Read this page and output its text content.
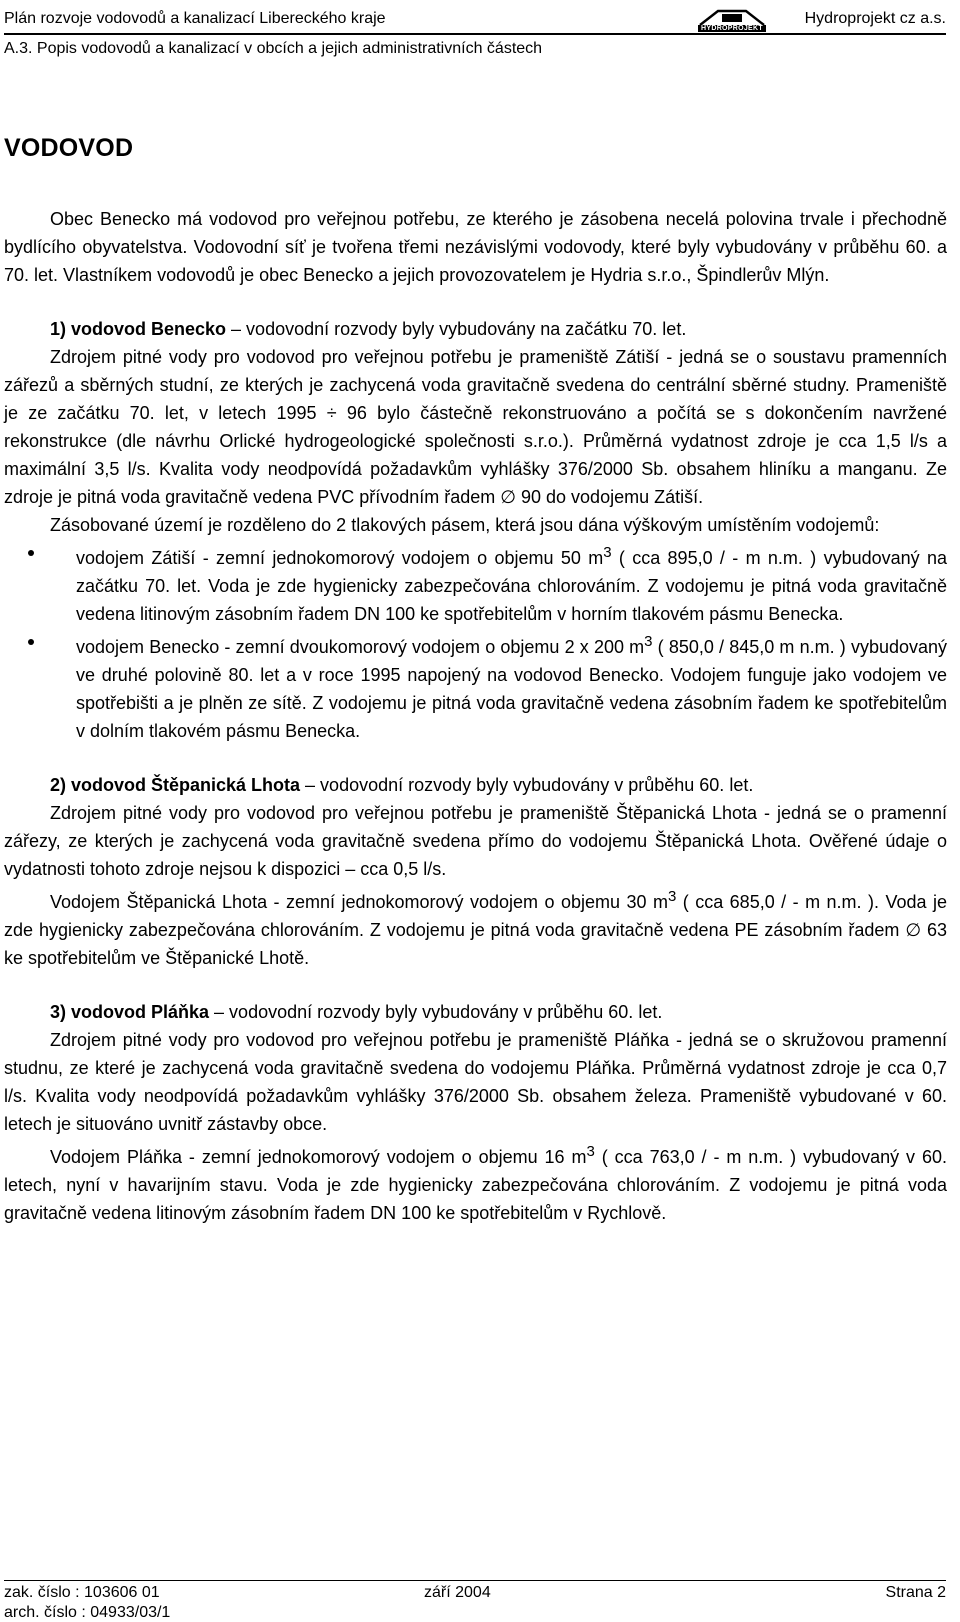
Plán rozvoje vodovodů a kanalizací Libereckého kraje
HYDROPROJEKT
Hydroprojekt cz a.s.
A.3. Popis vodovodů a kanalizací v obcích a jejich administrativních částech
VODOVOD

Obec Benecko má vodovod pro veřejnou potřebu, ze kterého je zásobena necelá polovina trvale i přechodně bydlícího obyvatelstva. Vodovodní síť je tvořena třemi nezávislými vodovody, které byly vybudovány v průběhu 60. a 70. let. Vlastníkem vodovodů je obec Benecko a jejich provozovatelem je Hydria s.r.o., Špindlerův Mlýn.

1) vodovod Benecko – vodovodní rozvody byly vybudovány na začátku 70. let.

Zdrojem pitné vody pro vodovod pro veřejnou potřebu je prameniště Zátiší - jedná se o soustavu pramenních zářezů a sběrných studní, ze kterých je zachycená voda gravitačně svedena do centrální sběrné studny. Prameniště je ze začátku 70. let, v letech 1995 ÷ 96 bylo částečně rekonstruováno a počítá se s dokončením navržené rekonstrukce (dle návrhu Orlické hydrogeologické společnosti s.r.o.). Průměrná vydatnost zdroje je cca 1,5 l/s a maximální 3,5 l/s. Kvalita vody neodpovídá požadavkům vyhlášky 376/2000 Sb. obsahem hliníku a manganu. Ze zdroje je pitná voda gravitačně vedena PVC přívodním řadem ∅ 90 do vodojemu Zátiší.

Zásobované území je rozděleno do 2 tlakových pásem, která jsou dána výškovým umístěním vodojemů:

vodojem Zátiší - zemní jednokomorový vodojem o objemu 50 $m^3$ ( cca 895,0 / - m n.m. ) vybudovaný na začátku 70. let. Voda je zde hygienicky zabezpečována chlorováním. Z vodojemu je pitná voda gravitačně vedena litinovým zásobním řadem DN 100 ke spotřebitelům v horním tlakovém pásmu Benecka.
vodojem Benecko - zemní dvoukomorový vodojem o objemu 2 x 200 $m^3$ ( 850,0 / 845,0 m n.m. ) vybudovaný ve druhé polovině 80. let a v roce 1995 napojený na vodovod Benecko. Vodojem funguje jako vodojem ve spotřebišti a je plněn ze sítě. Z vodojemu je pitná voda gravitačně vedena zásobním řadem ke spotřebitelům v dolním tlakovém pásmu Benecka.

2) vodovod Štěpanická Lhota – vodovodní rozvody byly vybudovány v průběhu 60. let.

Zdrojem pitné vody pro vodovod pro veřejnou potřebu je prameniště Štěpanická Lhota - jedná se o pramenní zářezy, ze kterých je zachycená voda gravitačně svedena přímo do vodojemu Štěpanická Lhota. Ověřené údaje o vydatnosti tohoto zdroje nejsou k dispozici – cca 0,5 l/s.

Vodojem Štěpanická Lhota - zemní jednokomorový vodojem o objemu 30 $m^3$ ( cca 685,0 / - m n.m. ). Voda je zde hygienicky zabezpečována chlorováním. Z vodojemu je pitná voda gravitačně vedena PE zásobním řadem ∅ 63 ke spotřebitelům ve Štěpanické Lhotě.

3) vodovod Pláňka – vodovodní rozvody byly vybudovány v průběhu 60. let.

Zdrojem pitné vody pro vodovod pro veřejnou potřebu je prameniště Pláňka - jedná se o skružovou pramenní studnu, ze které je zachycená voda gravitačně svedena do vodojemu Pláňka. Průměrná vydatnost zdroje je cca 0,7 l/s. Kvalita vody neodpovídá požadavkům vyhlášky 376/2000 Sb. obsahem železa. Prameniště vybudované v 60. letech je situováno uvnitř zástavby obce.

Vodojem Pláňka - zemní jednokomorový vodojem o objemu 16 $m^3$ ( cca 763,0 / - m n.m. ) vybudovaný v 60. letech, nyní v havarijním stavu. Voda je zde hygienicky zabezpečována chlorováním. Z vodojemu je pitná voda gravitačně vedena litinovým zásobním řadem DN 100 ke spotřebitelům v Rychlově.

zak. číslo : 103606 01
arch. číslo : 04933/03/1
září 2004	Strana 2
